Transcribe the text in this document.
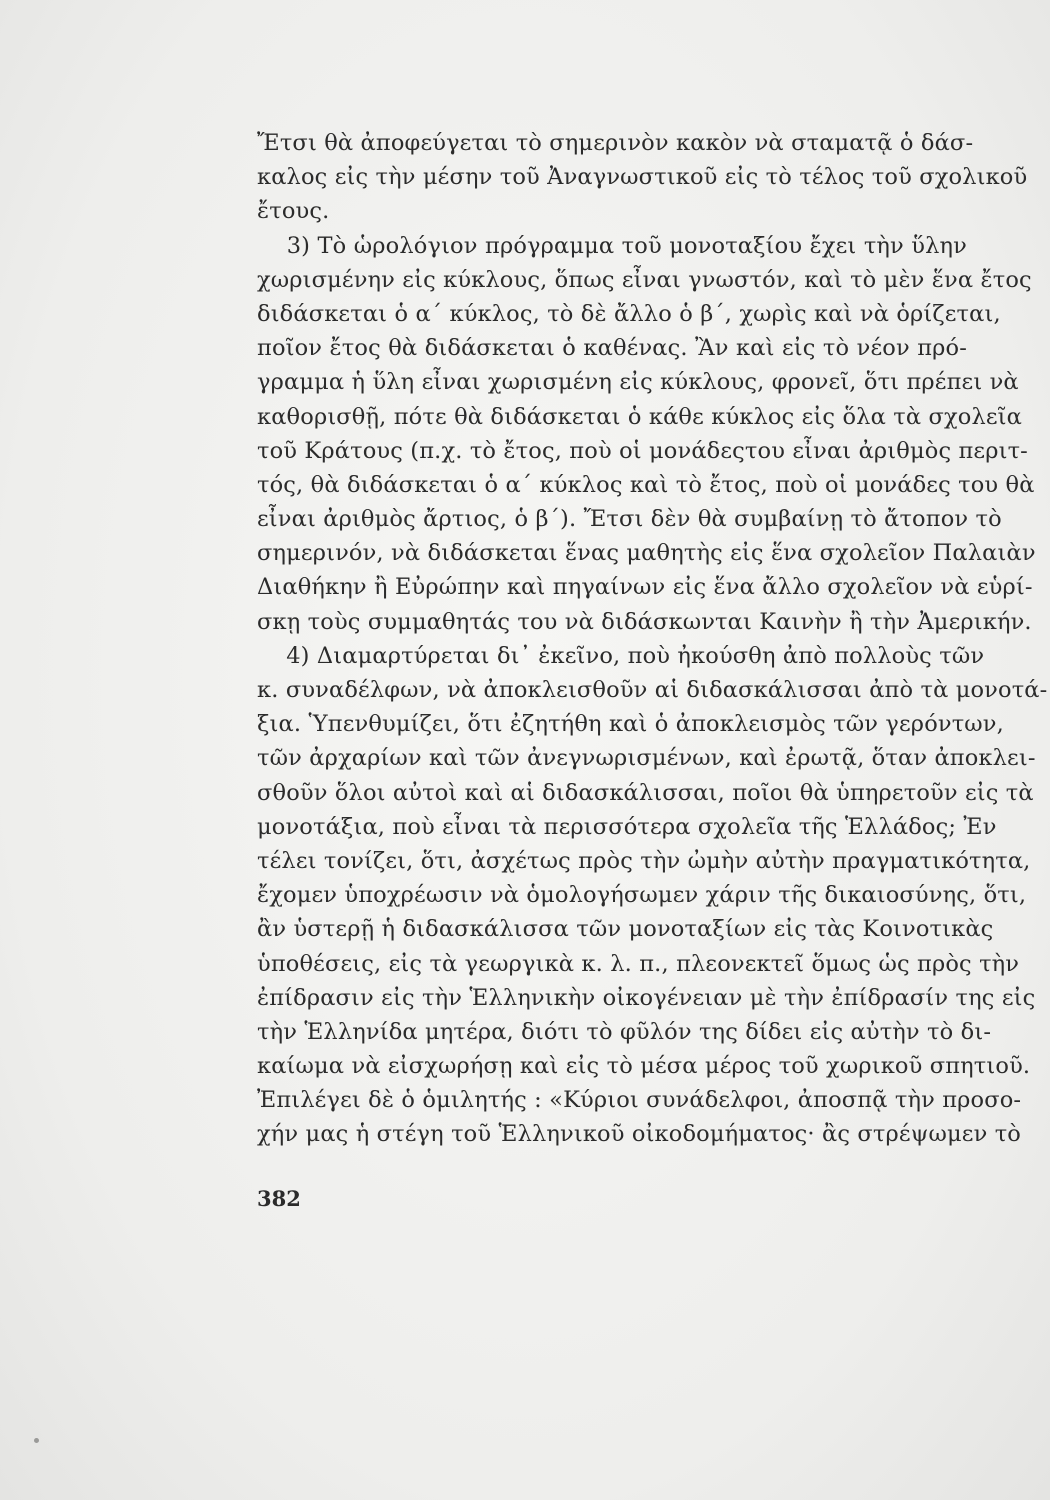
Ἔτσι θὰ ἀποφεύγεται τὸ σημερινὸν κακὸν νὰ σταματᾷ ὁ δάσ-
καλος εἰς τὴν μέσην τοῦ Ἀναγνωστικοῦ εἰς τὸ τέλος τοῦ σχολικοῦ
ἔτους.
3) Τὸ ὡρολόγιον πρόγραμμα τοῦ μονοταξίου ἔχει τὴν ὕλην
χωρισμένην εἰς κύκλους, ὅπως εἶναι γνωστόν, καὶ τὸ μὲν ἕνα ἔτος
διδάσκεται ὁ α΄ κύκλος, τὸ δὲ ἄλλο ὁ β΄, χωρὶς καὶ νὰ ὁρίζεται,
ποῖον ἔτος θὰ διδάσκεται ὁ καθένας. Ἂν καὶ εἰς τὸ νέον πρό-
γραμμα ἡ ὕλη εἶναι χωρισμένη εἰς κύκλους, φρονεῖ, ὅτι πρέπει νὰ
καθορισθῇ, πότε θὰ διδάσκεται ὁ κάθε κύκλος εἰς ὅλα τὰ σχολεῖα
τοῦ Κράτους (π.χ. τὸ ἔτος, ποὺ οἱ μονάδεςτου εἶναι ἀριθμὸς περιτ-
τός, θὰ διδάσκεται ὁ α΄ κύκλος καὶ τὸ ἔτος, ποὺ οἱ μονάδες του θὰ
εἶναι ἀριθμὸς ἄρτιος, ὁ β΄). Ἔτσι δὲν θὰ συμβαίνῃ τὸ ἄτοπον τὸ
σημερινόν, νὰ διδάσκεται ἕνας μαθητὴς εἰς ἕνα σχολεῖον Παλαιὰν
Διαθήκην ἢ Εὐρώπην καὶ πηγαίνων εἰς ἕνα ἄλλο σχολεῖον νὰ εὑρί-
σκῃ τοὺς συμμαθητάς του νὰ διδάσκωνται Καινὴν ἢ τὴν Ἀμερικήν.
4) Διαμαρτύρεται δι᾽ ἐκεῖνο, ποὺ ἠκούσθη ἀπὸ πολλοὺς τῶν
κ. συναδέλφων, νὰ ἀποκλεισθοῦν αἱ διδασκάλισσαι ἀπὸ τὰ μονοτά-
ξια. Ὑπενθυμίζει, ὅτι ἐζητήθη καὶ ὁ ἀποκλεισμὸς τῶν γερόντων,
τῶν ἀρχαρίων καὶ τῶν ἀνεγνωρισμένων, καὶ ἐρωτᾷ, ὅταν ἀποκλει-
σθοῦν ὅλοι αὐτοὶ καὶ αἱ διδασκάλισσαι, ποῖοι θὰ ὑπηρετοῦν εἰς τὰ
μονοτάξια, ποὺ εἶναι τὰ περισσότερα σχολεῖα τῆς Ἑλλάδος; Ἐν
τέλει τονίζει, ὅτι, ἀσχέτως πρὸς τὴν ὠμὴν αὐτὴν πραγματικότητα,
ἔχομεν ὑποχρέωσιν νὰ ὁμολογήσωμεν χάριν τῆς δικαιοσύνης, ὅτι,
ἂν ὑστερῇ ἡ διδασκάλισσα τῶν μονοταξίων εἰς τὰς Κοινοτικὰς
ὑποθέσεις, εἰς τὰ γεωργικὰ κ. λ. π., πλεονεκτεῖ ὅμως ὡς πρὸς τὴν
ἐπίδρασιν εἰς τὴν Ἑλληνικὴν οἰκογένειαν μὲ τὴν ἐπίδρασίν της εἰς
τὴν Ἑλληνίδα μητέρα, διότι τὸ φῦλόν της δίδει εἰς αὐτὴν τὸ δι-
καίωμα νὰ εἰσχωρήσῃ καὶ εἰς τὸ μέσα μέρος τοῦ χωρικοῦ σπητιοῦ.
Ἐπιλέγει δὲ ὁ ὁμιλητής : «Κύριοι συνάδελφοι, ἀποσπᾷ τὴν προσο-
χήν μας ἡ στέγη τοῦ Ἑλληνικοῦ οἰκοδομήματος· ἂς στρέψωμεν τὸ
382
